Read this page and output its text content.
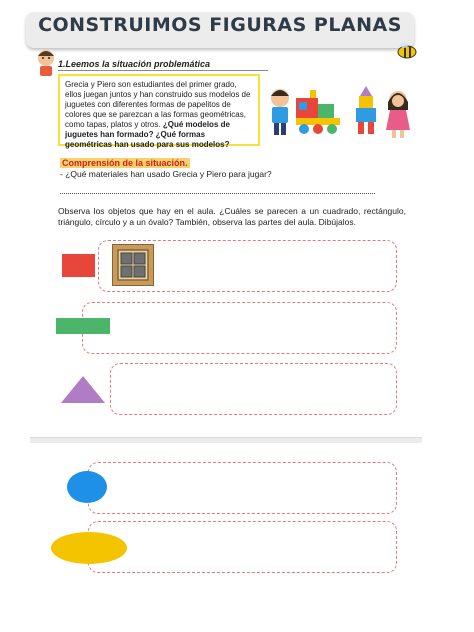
CONSTRUIMOS FIGURAS PLANAS
1.Leemos la situación problemática
Grecia y Piero son estudiantes del primer grado, ellos juegan juntos y han construido sus modelos de juguetes con diferentes formas de papelitos de colores que se parezcan a las formas geométricas, como tapas, platos y otros. ¿Qué modelos de juguetes han formado? ¿Qué formas geométricas han usado para sus modelos?
Comprensión de la situación.
- ¿Qué materiales han usado Grecia y Piero para jugar?
Observa los objetos que hay en el aula. ¿Cuáles se parecen a un cuadrado, rectángulo, triángulo, círculo y a un óvalo? También, observa las partes del aula. Dibújalos.
